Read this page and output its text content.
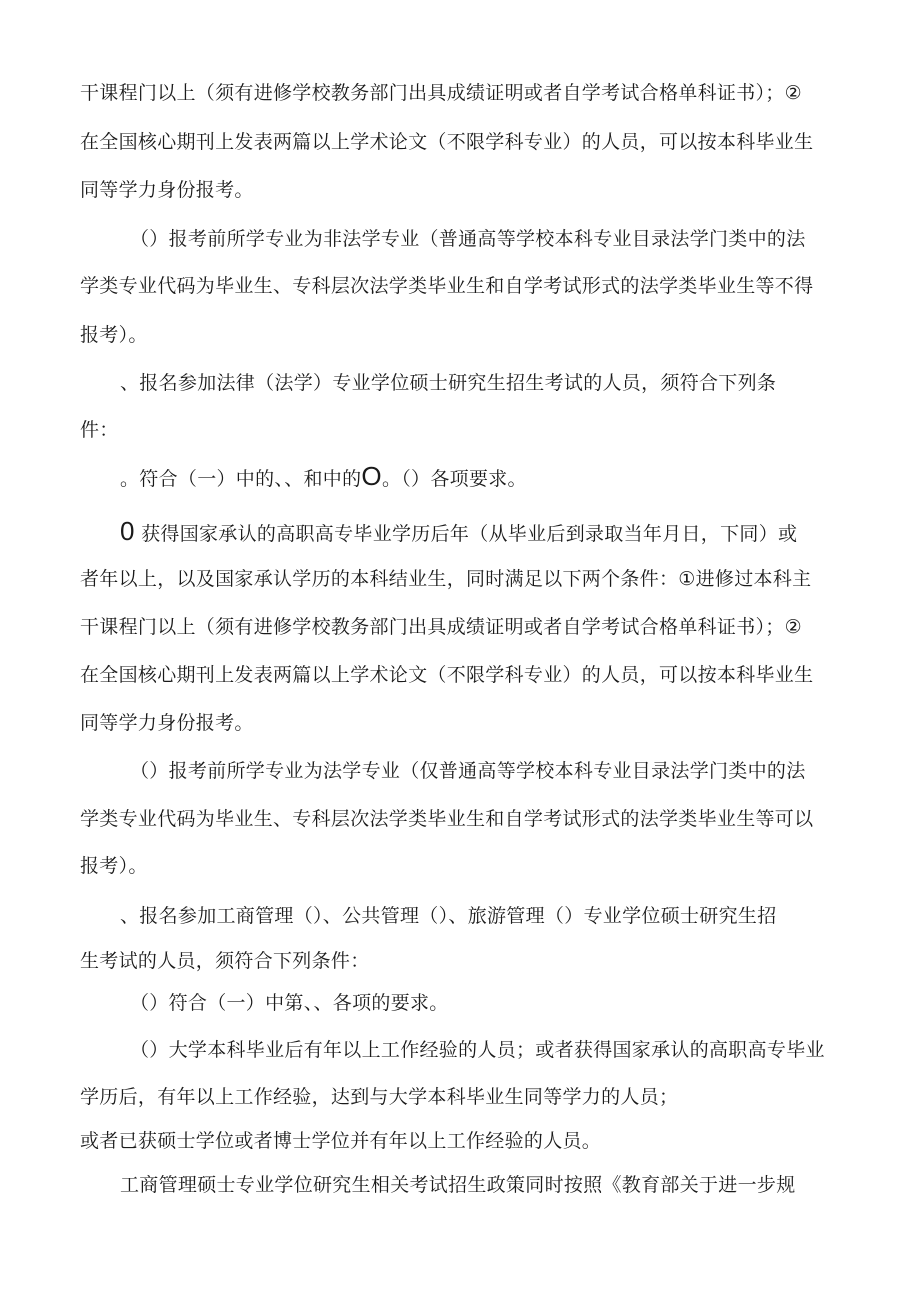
干课程门以上（须有进修学校教务部门出具成绩证明或者自学考试合格单科证书）；②
在全国核心期刊上发表两篇以上学术论文（不限学科专业）的人员，可以按本科毕业生
同等学力身份报考。
（）报考前所学专业为非法学专业（普通高等学校本科专业目录法学门类中的法
学类专业代码为毕业生、专科层次法学类毕业生和自学考试形式的法学类毕业生等不得
报考）。
、报名参加法律（法学）专业学位硕士研究生招生考试的人员，须符合下列条
件：
。符合（一）中的、、和中的O。（）各项要求。
0 获得国家承认的高职高专毕业学历后年（从毕业后到录取当年月日，下同）或
者年以上，以及国家承认学历的本科结业生，同时满足以下两个条件：①进修过本科主
干课程门以上（须有进修学校教务部门出具成绩证明或者自学考试合格单科证书）；②
在全国核心期刊上发表两篇以上学术论文（不限学科专业）的人员，可以按本科毕业生
同等学力身份报考。
（）报考前所学专业为法学专业（仅普通高等学校本科专业目录法学门类中的法
学类专业代码为毕业生、专科层次法学类毕业生和自学考试形式的法学类毕业生等可以
报考）。
、报名参加工商管理（）、公共管理（）、旅游管理（）专业学位硕士研究生招
生考试的人员，须符合下列条件：
（）符合（一）中第、、各项的要求。
（）大学本科毕业后有年以上工作经验的人员；或者获得国家承认的高职高专毕业
学历后，有年以上工作经验，达到与大学本科毕业生同等学力的人员；
或者已获硕士学位或者博士学位并有年以上工作经验的人员。
工商管理硕士专业学位研究生相关考试招生政策同时按照《教育部关于进一步规
